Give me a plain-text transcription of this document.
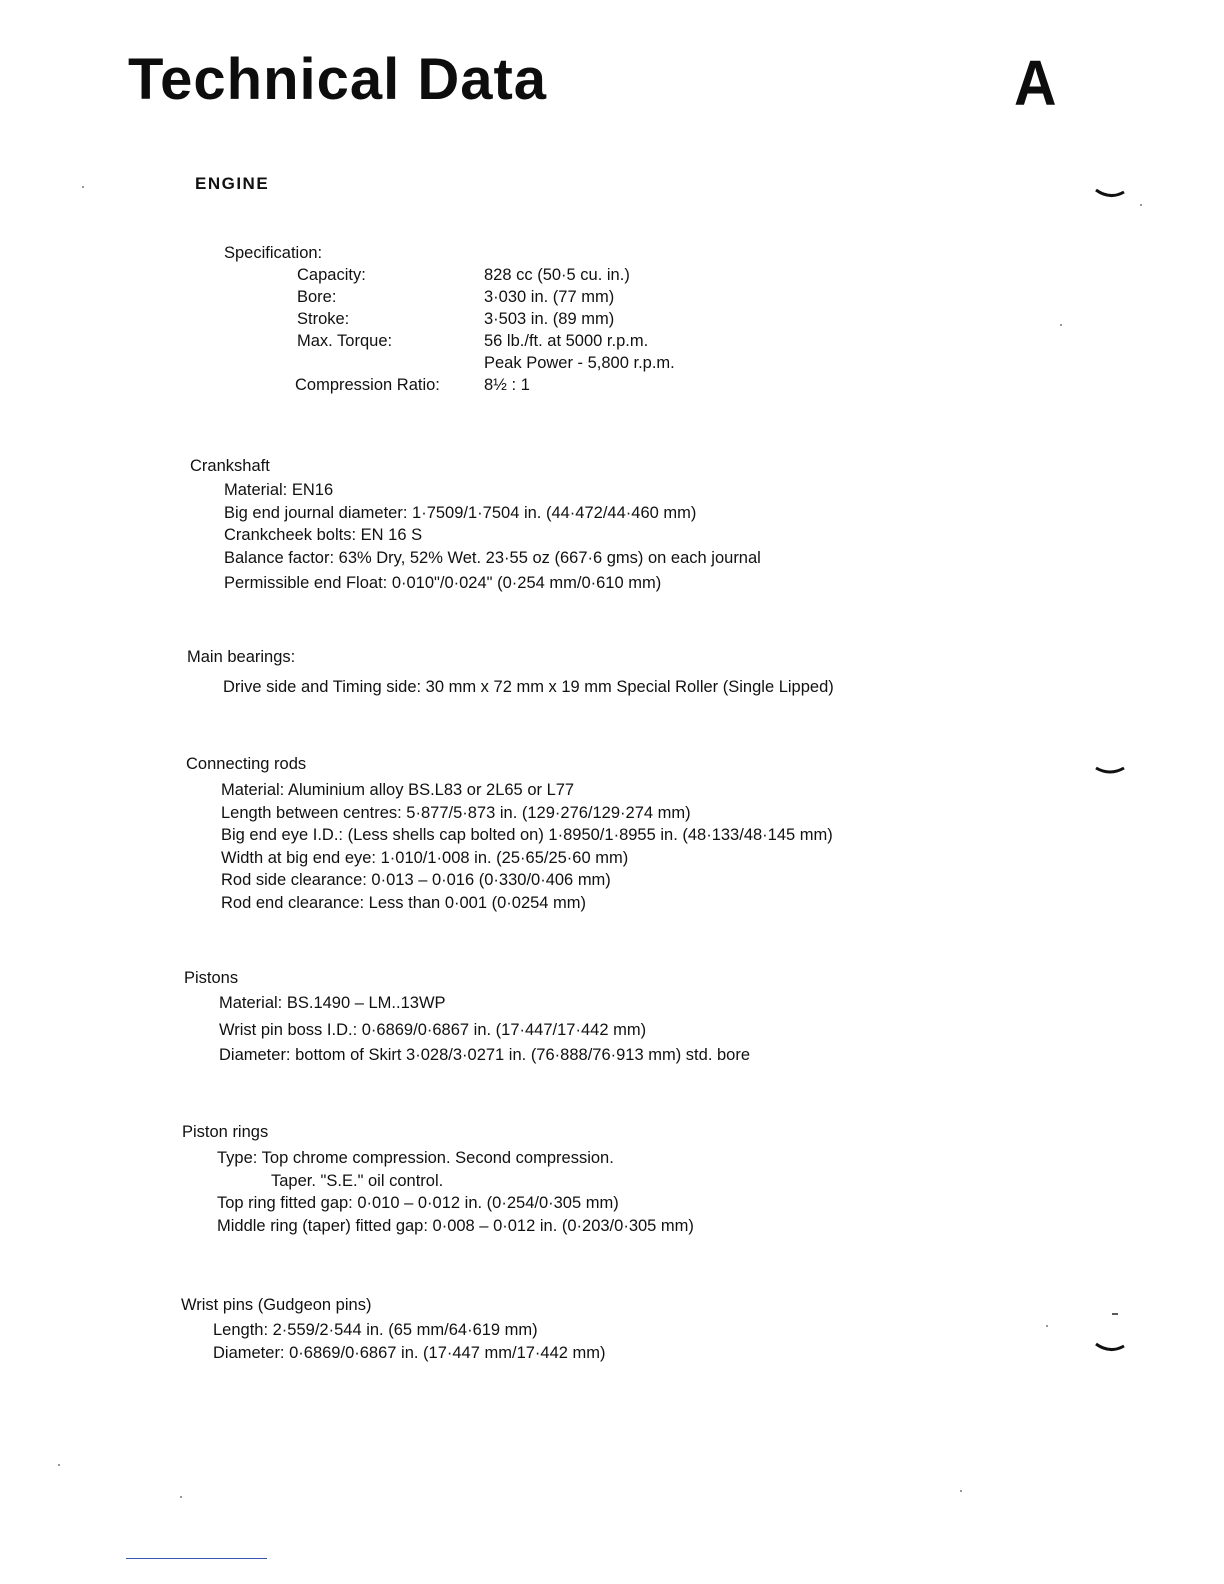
Technical Data	A
ENGINE
Specification:
Capacity:	828 cc (50·5 cu. in.)
Bore:	3·030 in. (77 mm)
Stroke:	3·503 in. (89 mm)
Max. Torque:	56 lb./ft. at 5000 r.p.m.
Peak Power - 5,800 r.p.m.
Compression Ratio:	8½ : 1
Crankshaft
Material: EN16
Big end journal diameter: 1·7509/1·7504 in. (44·472/44·460 mm)
Crankcheek bolts: EN 16 S
Balance factor: 63% Dry, 52% Wet. 23·55 oz (667·6 gms) on each journal
Permissible end Float: 0·010"/0·024" (0·254 mm/0·610 mm)
Main bearings:
Drive side and Timing side: 30 mm x 72 mm x 19 mm Special Roller (Single Lipped)
Connecting rods
Material: Aluminium alloy BS.L83 or 2L65 or L77
Length between centres: 5·877/5·873 in. (129·276/129·274 mm)
Big end eye I.D.: (Less shells cap bolted on) 1·8950/1·8955 in. (48·133/48·145 mm)
Width at big end eye: 1·010/1·008 in. (25·65/25·60 mm)
Rod side clearance: 0·013 – 0·016 (0·330/0·406 mm)
Rod end clearance: Less than 0·001 (0·0254 mm)
Pistons
Material: BS.1490 – LM..13WP
Wrist pin boss I.D.: 0·6869/0·6867 in. (17·447/17·442 mm)
Diameter: bottom of Skirt 3·028/3·0271 in. (76·888/76·913 mm) std. bore
Piston rings
Type: Top chrome compression. Second compression.
Taper. "S.E." oil control.
Top ring fitted gap: 0·010 – 0·012 in. (0·254/0·305 mm)
Middle ring (taper) fitted gap: 0·008 – 0·012 in. (0·203/0·305 mm)
Wrist pins (Gudgeon pins)
Length: 2·559/2·544 in. (65 mm/64·619 mm)
Diameter: 0·6869/0·6867 in. (17·447 mm/17·442 mm)
